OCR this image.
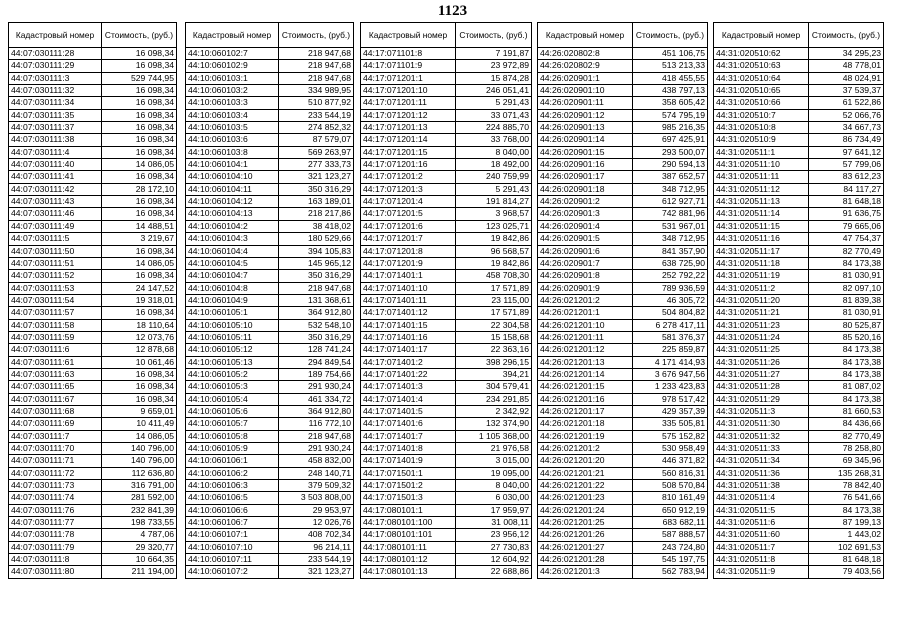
1123
Кадастровый номер	Стоимость, (руб.)
44:07:030111:28	16 098,34
44:07:030111:29	16 098,34
44:07:030111:3	529 744,95
44:07:030111:32	16 098,34
44:07:030111:34	16 098,34
44:07:030111:35	16 098,34
44:07:030111:37	16 098,34
44:07:030111:38	16 098,34
44:07:030111:4	16 098,34
44:07:030111:40	14 086,05
44:07:030111:41	16 098,34
44:07:030111:42	28 172,10
44:07:030111:43	16 098,34
44:07:030111:46	16 098,34
44:07:030111:49	14 488,51
44:07:030111:5	3 219,67
44:07:030111:50	16 098,34
44:07:030111:51	14 086,05
44:07:030111:52	16 098,34
44:07:030111:53	24 147,52
44:07:030111:54	19 318,01
44:07:030111:57	16 098,34
44:07:030111:58	18 110,64
44:07:030111:59	12 073,76
44:07:030111:6	12 878,68
44:07:030111:61	10 061,46
44:07:030111:63	16 098,34
44:07:030111:65	16 098,34
44:07:030111:67	16 098,34
44:07:030111:68	9 659,01
44:07:030111:69	10 411,49
44:07:030111:7	14 086,05
44:07:030111:70	140 796,00
44:07:030111:71	140 796,00
44:07:030111:72	112 636,80
44:07:030111:73	316 791,00
44:07:030111:74	281 592,00
44:07:030111:76	232 841,39
44:07:030111:77	198 733,55
44:07:030111:78	4 787,06
44:07:030111:79	29 320,77
44:07:030111:8	10 664,35
44:07:030111:80	211 194,00
Кадастровый номер	Стоимость, (руб.)
44:10:060102:7	218 947,68
44:10:060102:9	218 947,68
44:10:060103:1	218 947,68
44:10:060103:2	334 989,95
44:10:060103:3	510 877,92
44:10:060103:4	233 544,19
44:10:060103:5	274 852,32
44:10:060103:6	87 579,07
44:10:060103:8	569 263,97
44:10:060104:1	277 333,73
44:10:060104:10	321 123,27
44:10:060104:11	350 316,29
44:10:060104:12	163 189,01
44:10:060104:13	218 217,86
44:10:060104:2	38 418,02
44:10:060104:3	180 529,66
44:10:060104:4	394 105,83
44:10:060104:5	145 965,12
44:10:060104:7	350 316,29
44:10:060104:8	218 947,68
44:10:060104:9	131 368,61
44:10:060105:1	364 912,80
44:10:060105:10	532 548,10
44:10:060105:11	350 316,29
44:10:060105:12	128 741,24
44:10:060105:13	294 849,54
44:10:060105:2	189 754,66
44:10:060105:3	291 930,24
44:10:060105:4	461 334,72
44:10:060105:6	364 912,80
44:10:060105:7	116 772,10
44:10:060105:8	218 947,68
44:10:060105:9	291 930,24
44:10:060106:1	458 832,00
44:10:060106:2	248 140,71
44:10:060106:3	379 509,32
44:10:060106:5	3 503 808,00
44:10:060106:6	29 953,97
44:10:060106:7	12 026,76
44:10:060107:1	408 702,34
44:10:060107:10	96 214,11
44:10:060107:11	233 544,19
44:10:060107:2	321 123,27
Кадастровый номер	Стоимость, (руб.)
44:17:071101:8	7 191,87
44:17:071101:9	23 972,89
44:17:071201:1	15 874,28
44:17:071201:10	246 051,41
44:17:071201:11	5 291,43
44:17:071201:12	33 071,43
44:17:071201:13	224 885,70
44:17:071201:14	33 768,00
44:17:071201:15	8 040,00
44:17:071201:16	18 492,00
44:17:071201:2	240 759,99
44:17:071201:3	5 291,43
44:17:071201:4	191 814,27
44:17:071201:5	3 968,57
44:17:071201:6	123 025,71
44:17:071201:7	19 842,86
44:17:071201:8	96 568,57
44:17:071201:9	19 842,86
44:17:071401:1	458 708,30
44:17:071401:10	17 571,89
44:17:071401:11	23 115,00
44:17:071401:12	17 571,89
44:17:071401:15	22 304,58
44:17:071401:16	15 158,68
44:17:071401:17	22 363,16
44:17:071401:2	398 296,15
44:17:071401:22	394,21
44:17:071401:3	304 579,41
44:17:071401:4	234 291,85
44:17:071401:5	2 342,92
44:17:071401:6	132 374,90
44:17:071401:7	1 105 368,00
44:17:071401:8	21 976,58
44:17:071401:9	3 015,00
44:17:071501:1	19 095,00
44:17:071501:2	8 040,00
44:17:071501:3	6 030,00
44:17:080101:1	17 959,97
44:17:080101:100	31 008,11
44:17:080101:101	23 956,12
44:17:080101:11	27 730,83
44:17:080101:12	12 604,92
44:17:080101:13	22 688,86
Кадастровый номер	Стоимость, (руб.)
44:26:020802:8	451 106,75
44:26:020802:9	513 213,33
44:26:020901:1	418 455,55
44:26:020901:10	438 797,13
44:26:020901:11	358 605,42
44:26:020901:12	574 795,19
44:26:020901:13	985 216,35
44:26:020901:14	697 425,91
44:26:020901:15	293 500,07
44:26:020901:16	290 594,13
44:26:020901:17	387 652,57
44:26:020901:18	348 712,95
44:26:020901:2	612 927,71
44:26:020901:3	742 881,96
44:26:020901:4	531 967,01
44:26:020901:5	348 712,95
44:26:020901:6	841 357,90
44:26:020901:7	638 725,90
44:26:020901:8	252 792,22
44:26:020901:9	789 936,59
44:26:021201:2	46 305,72
44:26:021201:1	504 804,82
44:26:021201:10	6 278 417,11
44:26:021201:11	581 376,37
44:26:021201:12	225 859,87
44:26:021201:13	4 171 414,93
44:26:021201:14	3 676 947,56
44:26:021201:15	1 233 423,83
44:26:021201:16	978 517,42
44:26:021201:17	429 357,39
44:26:021201:18	335 505,81
44:26:021201:19	575 152,82
44:26:021201:2	530 958,49
44:26:021201:20	446 371,82
44:26:021201:21	560 816,31
44:26:021201:22	508 570,84
44:26:021201:23	810 161,49
44:26:021201:24	650 912,19
44:26:021201:25	683 682,11
44:26:021201:26	587 888,57
44:26:021201:27	243 724,80
44:26:021201:28	545 197,75
44:26:021201:3	562 783,94
Кадастровый номер	Стоимость, (руб.)
44:31:020510:62	34 295,23
44:31:020510:63	48 778,01
44:31:020510:64	48 024,91
44:31:020510:65	37 539,37
44:31:020510:66	61 522,86
44:31:020510:7	52 066,76
44:31:020510:8	34 667,73
44:31:020510:9	86 734,49
44:31:020511:1	97 641,12
44:31:020511:10	57 799,06
44:31:020511:11	83 612,23
44:31:020511:12	84 117,27
44:31:020511:13	81 648,18
44:31:020511:14	91 636,75
44:31:020511:15	79 665,06
44:31:020511:16	47 754,37
44:31:020511:17	82 770,49
44:31:020511:18	84 173,38
44:31:020511:19	81 030,91
44:31:020511:2	82 097,10
44:31:020511:20	81 839,38
44:31:020511:21	81 030,91
44:31:020511:23	80 525,87
44:31:020511:24	85 520,16
44:31:020511:25	84 173,38
44:31:020511:26	84 173,38
44:31:020511:27	84 173,38
44:31:020511:28	81 087,02
44:31:020511:29	84 173,38
44:31:020511:3	81 660,53
44:31:020511:30	84 436,66
44:31:020511:32	82 770,49
44:31:020511:33	78 258,80
44:31:020511:34	69 345,96
44:31:020511:36	135 268,31
44:31:020511:38	78 842,40
44:31:020511:4	76 541,66
44:31:020511:5	84 173,38
44:31:020511:6	87 199,13
44:31:020511:60	1 443,02
44:31:020511:7	102 691,53
44:31:020511:8	81 648,18
44:31:020511:9	79 403,56
